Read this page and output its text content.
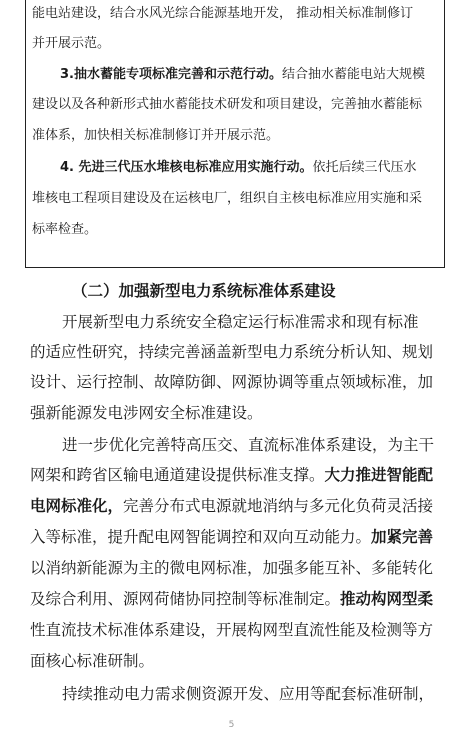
能电站建设，结合水风光综合能源基地开发， 推动相关标准制修订
并开展示范。
3.抽水蓄能专项标准完善和示范行动。结合抽水蓄能电站大规模
建设以及各种新形式抽水蓄能技术研发和项目建设，完善抽水蓄能标
准体系，加快相关标准制修订并开展示范。
4. 先进三代压水堆核电标准应用实施行动。依托后续三代压水
堆核电工程项目建设及在运核电厂，组织自主核电标准应用实施和采
标率检查。
（二）加强新型电力系统标准体系建设
开展新型电力系统安全稳定运行标准需求和现有标准
的适应性研究，持续完善涵盖新型电力系统分析认知、规划
设计、运行控制、故障防御、网源协调等重点领域标准，加
强新能源发电涉网安全标准建设。
进一步优化完善特高压交、直流标准体系建设，为主干
网架和跨省区输电通道建设提供标准支撑。大力推进智能配
电网标准化，完善分布式电源就地消纳与多元化负荷灵活接
入等标准，提升配电网智能调控和双向互动能力。加紧完善
以消纳新能源为主的微电网标准，加强多能互补、多能转化
及综合利用、源网荷储协同控制等标准制定。推动构网型柔
性直流技术标准体系建设，开展构网型直流性能及检测等方
面核心标准研制。
持续推动电力需求侧资源开发、应用等配套标准研制，
5
